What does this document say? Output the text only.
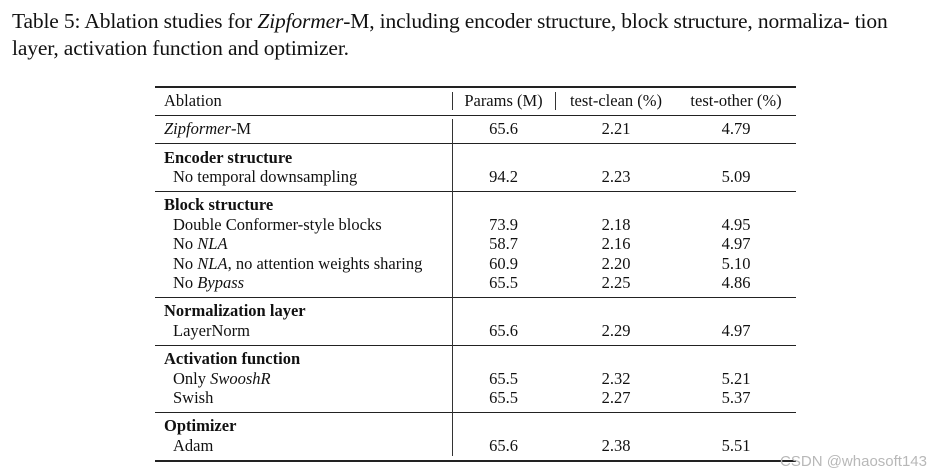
Table 5: Ablation studies for Zipformer-M, including encoder structure, block structure, normaliza- tion layer, activation function and optimizer.
Ablation	Params (M)	test-clean (%)	test-other (%)
Zipformer-M	65.6	2.21	4.79
Encoder structure
No temporal downsampling	94.2	2.23	5.09
Block structure
Double Conformer-style blocks	73.9	2.18	4.95
No NLA	58.7	2.16	4.97
No NLA, no attention weights sharing	60.9	2.20	5.10
No Bypass	65.5	2.25	4.86
Normalization layer
LayerNorm	65.6	2.29	4.97
Activation function
Only SwooshR	65.5	2.32	5.21
Swish	65.5	2.27	5.37
Optimizer
Adam	65.6	2.38	5.51
CSDN @whaosoft143
